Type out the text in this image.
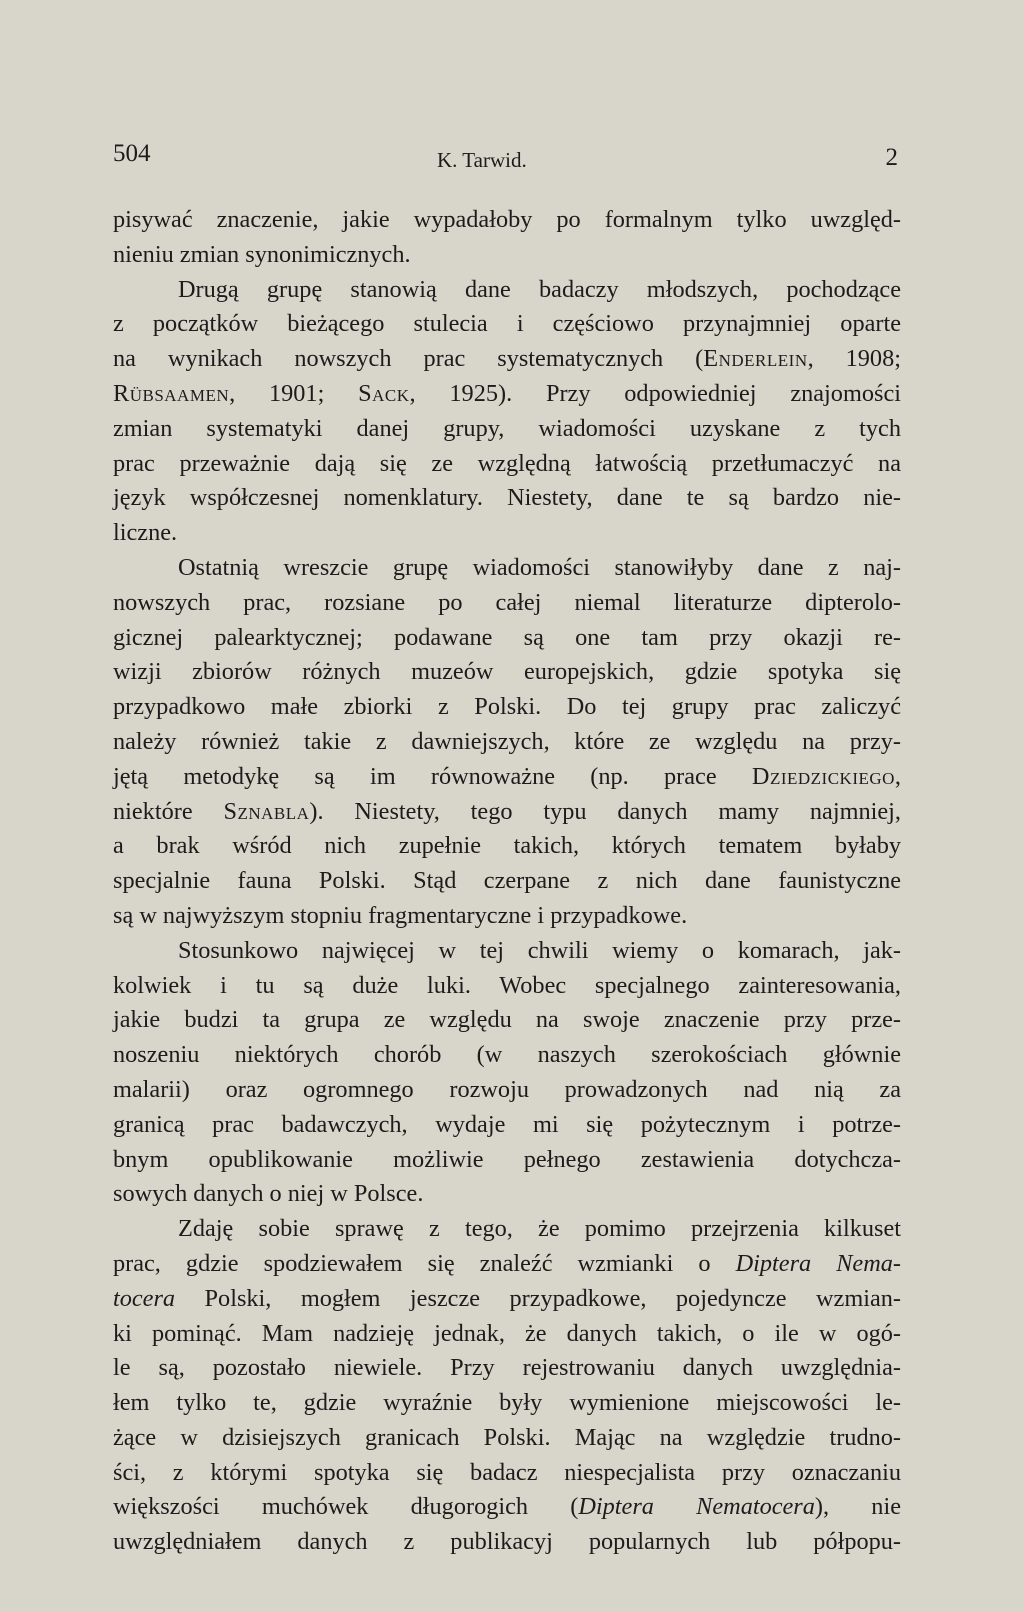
504	K. Tarwid.	2
pisywać znaczenie, jakie wypadałoby po formalnym tylko uwzględ-
nieniu zmian synonimicznych.
Drugą grupę stanowią dane badaczy młodszych, pochodzące
z początków bieżącego stulecia i częściowo przynajmniej oparte
na wynikach nowszych prac systematycznych (Enderlein, 1908;
Rübsaamen, 1901; Sack, 1925). Przy odpowiedniej znajomości
zmian systematyki danej grupy, wiadomości uzyskane z tych
prac przeważnie dają się ze względną łatwością przetłumaczyć na
język współczesnej nomenklatury. Niestety, dane te są bardzo nie-
liczne.
Ostatnią wreszcie grupę wiadomości stanowiłyby dane z naj-
nowszych prac, rozsiane po całej niemal literaturze dipterolo-
gicznej palearktycznej; podawane są one tam przy okazji re-
wizji zbiorów różnych muzeów europejskich, gdzie spotyka się
przypadkowo małe zbiorki z Polski. Do tej grupy prac zaliczyć
należy również takie z dawniejszych, które ze względu na przy-
jętą metodykę są im równoważne (np. prace Dziedzickiego,
niektóre Sznabla). Niestety, tego typu danych mamy najmniej,
a brak wśród nich zupełnie takich, których tematem byłaby
specjalnie fauna Polski. Stąd czerpane z nich dane faunistyczne
są w najwyższym stopniu fragmentaryczne i przypadkowe.
Stosunkowo najwięcej w tej chwili wiemy o komarach, jak-
kolwiek i tu są duże luki. Wobec specjalnego zainteresowania,
jakie budzi ta grupa ze względu na swoje znaczenie przy prze-
noszeniu niektórych chorób (w naszych szerokościach głównie
malarii) oraz ogromnego rozwoju prowadzonych nad nią za
granicą prac badawczych, wydaje mi się pożytecznym i potrze-
bnym opublikowanie możliwie pełnego zestawienia dotychcza-
sowych danych o niej w Polsce.
Zdaję sobie sprawę z tego, że pomimo przejrzenia kilkuset
prac, gdzie spodziewałem się znaleźć wzmianki o Diptera Nema-
tocera Polski, mogłem jeszcze przypadkowe, pojedyncze wzmian-
ki pominąć. Mam nadzieję jednak, że danych takich, o ile w ogó-
le są, pozostało niewiele. Przy rejestrowaniu danych uwzględnia-
łem tylko te, gdzie wyraźnie były wymienione miejscowości le-
żące w dzisiejszych granicach Polski. Mając na względzie trudno-
ści, z którymi spotyka się badacz niespecjalista przy oznaczaniu
większości muchówek długorogich (Diptera Nematocera), nie
uwzględniałem danych z publikacyj popularnych lub półpopu-
